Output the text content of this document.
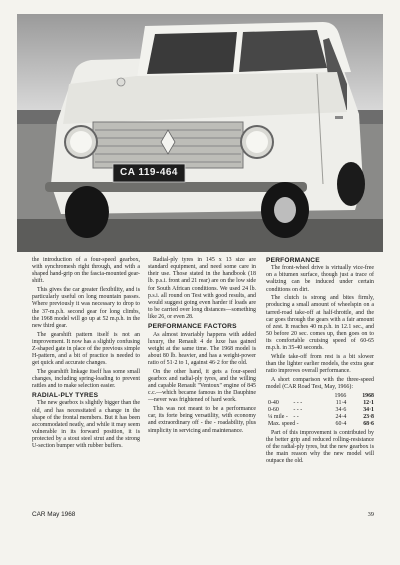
CA 119-464

the introduction of a four-speed gearbox, with synchromesh right through, and with a shaped hand-grip on the fascia-mounted gear-shift.

This gives the car greater flexibility, and is particularly useful on long mountain passes. Where previously it was necessary to drop to the 37-m.p.h. second gear for long climbs, the 1968 model will go up at 52 m.p.h. in the new third gear.

The gearshift pattern itself is not an improvement. It now has a slightly confusing Z-shaped gate in place of the previous simple H-pattern, and a bit of practice is needed to get quick and accurate changes.

The gearshift linkage itself has some small changes, including spring-loading to prevent rattles and to make selection easier.

RADIAL-PLY TYRES

The new gearbox is slightly bigger than the old, and has necessitated a change in the shape of the frontal members. But it has been accommodated neatly, and while it may seem vulnerable in its forward position, it is protected by a stout steel strut and the strong U-section bumper with rubber buffers.

Radial-ply tyres in 145 x 13 size are standard equipment, and need some care in their use. Those stated in the handbook (18 lb. p.s.i. front and 21 rear) are on the low side for South African conditions. We used 24 lb. p.s.i. all round on Test with good results, and would suggest going even harder if loads are to be carried over long distances—something like 26, or even 28.

PERFORMANCE FACTORS

As almost invariably happens with added luxury, the Renault 4 de luxe has gained weight at the same time. The 1968 model is about 80 lb. heavier, and has a weight-power ratio of 51·2 to 1, against 46·2 for the old.

On the other hand, it gets a four-speed gearbox and radial-ply tyres, and the willing and capable Renault "Ventoux" engine of 845 c.c.—which became famous in the Dauphine—never was frightened of hard work.

This was not meant to be a performance car, its forte being versatility, with economy and extraordinary off - the - roadability, plus simplicity in servicing and maintenance.

PERFORMANCE

The front-wheel drive is virtually vice-free on a bitumen surface, though just a trace of waltzing can be induced under certain conditions on dirt.

The clutch is strong and bites firmly, producing a small amount of wheelspin on a tarred-road take-off at half-throttle, and the car goes through the gears with a fair amount of zest. It reaches 40 m.p.h. in 12.1 sec., and 50 before 20 sec. comes up, then goes on to its comfortable cruising speed of 60-65 m.p.h. in 35-40 seconds.

While take-off from rest is a bit slower than the lighter earlier models, the extra gear ratio improves overall performance.

A short comparison with the three-speed model (CAR Road Test, May, 1966):

		1966	1968
0-40	- - -	11·4	12·1
0-60	- - -	34·6	34·1
¼ mile -	- -	24·4	23·8
Max. speed -		60·4	68·6

Part of this improvement is contributed by the better grip and reduced rolling-resistance of the radial-ply tyres, but the new gearbox is the main reason why the new model will outpace the old.

CAR May 1968	39
